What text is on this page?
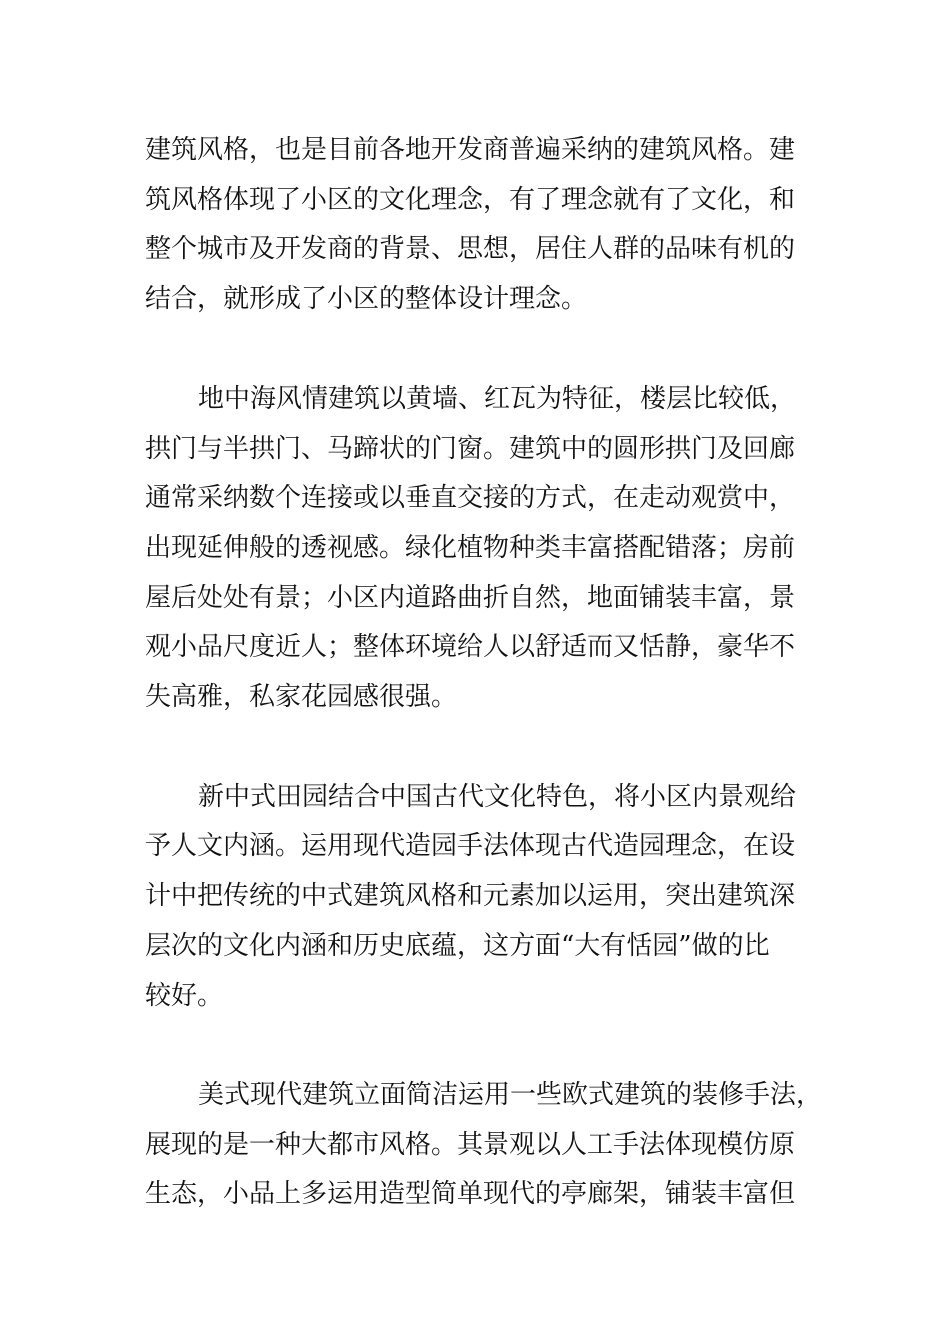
建筑风格，也是目前各地开发商普遍采纳的建筑风格。建

筑风格体现了小区的文化理念，有了理念就有了文化，和

整个城市及开发商的背景、思想，居住人群的品味有机的

结合，就形成了小区的整体设计理念。

地中海风情建筑以黄墙、红瓦为特征，楼层比较低，

拱门与半拱门、马蹄状的门窗。建筑中的圆形拱门及回廊

通常采纳数个连接或以垂直交接的方式，在走动观赏中，

出现延伸般的透视感。绿化植物种类丰富搭配错落；房前

屋后处处有景；小区内道路曲折自然，地面铺装丰富，景

观小品尺度近人；整体环境给人以舒适而又恬静，豪华不

失高雅，私家花园感很强。

新中式田园结合中国古代文化特色，将小区内景观给

予人文内涵。运用现代造园手法体现古代造园理念，在设

计中把传统的中式建筑风格和元素加以运用，突出建筑深

层次的文化内涵和历史底蕴，这方面“大有恬园”做的比

较好。

美式现代建筑立面简洁运用一些欧式建筑的装修手法，

展现的是一种大都市风格。其景观以人工手法体现模仿原

生态，小品上多运用造型简单现代的亭廊架，铺装丰富但
